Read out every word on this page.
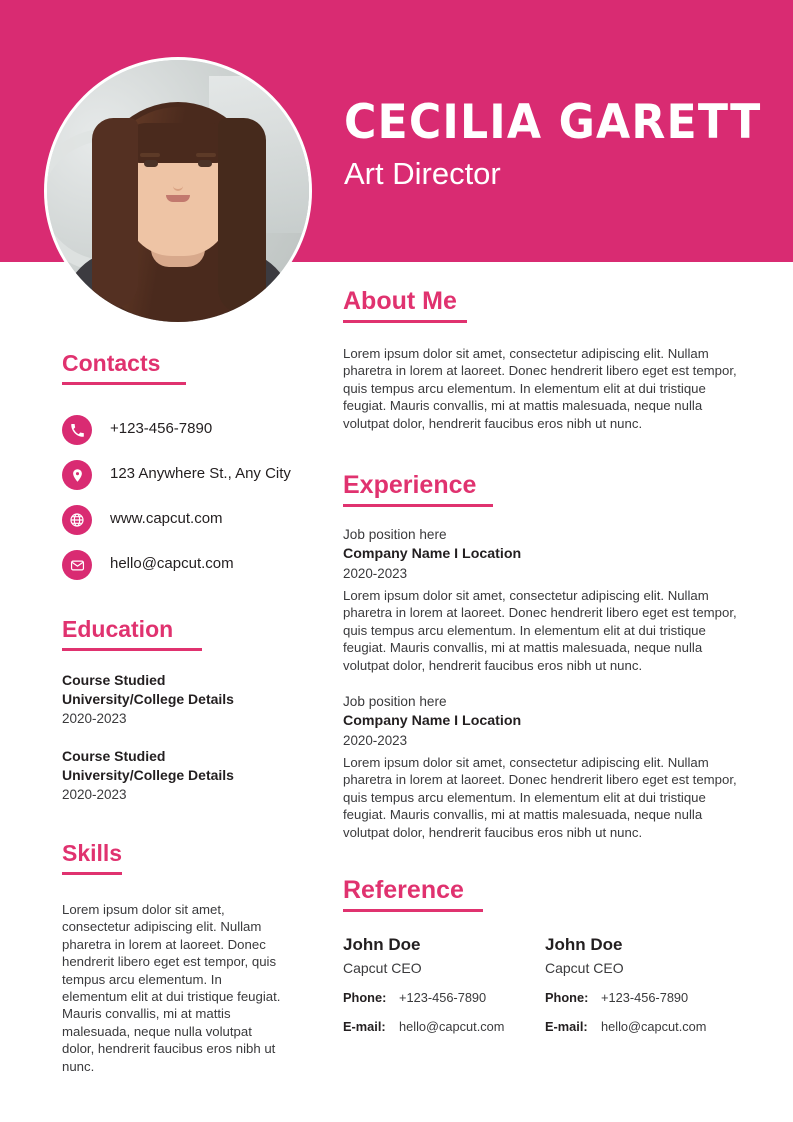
CECILIA GARETT
Art Director
Contacts
+123-456-7890
123 Anywhere St., Any City
www.capcut.com
hello@capcut.com
Education
Course Studied
University/College Details
2020-2023
Course Studied
University/College Details
2020-2023
Skills

Lorem ipsum dolor sit amet, consectetur adipiscing elit. Nullam pharetra in lorem at laoreet. Donec hendrerit libero eget est tempor, quis tempus arcu elementum. In elementum elit at dui tristique feugiat. Mauris convallis, mi at mattis malesuada, neque nulla volutpat dolor, hendrerit faucibus eros nibh ut nunc.

About Me

Lorem ipsum dolor sit amet, consectetur adipiscing elit. Nullam pharetra in lorem at laoreet. Donec hendrerit libero eget est tempor, quis tempus arcu elementum. In elementum elit at dui tristique feugiat. Mauris convallis, mi at mattis malesuada, neque nulla volutpat dolor, hendrerit faucibus eros nibh ut nunc.

Experience
Job position here
Company Name I Location
2020-2023

Lorem ipsum dolor sit amet, consectetur adipiscing elit. Nullam pharetra in lorem at laoreet. Donec hendrerit libero eget est tempor, quis tempus arcu elementum. In elementum elit at dui tristique feugiat. Mauris convallis, mi at mattis malesuada, neque nulla volutpat dolor, hendrerit faucibus eros nibh ut nunc.

Job position here
Company Name I Location
2020-2023

Lorem ipsum dolor sit amet, consectetur adipiscing elit. Nullam pharetra in lorem at laoreet. Donec hendrerit libero eget est tempor, quis tempus arcu elementum. In elementum elit at dui tristique feugiat. Mauris convallis, mi at mattis malesuada, neque nulla volutpat dolor, hendrerit faucibus eros nibh ut nunc.

Reference
John Doe
Capcut CEO
Phone: +123-456-7890
E-mail:	hello@capcut.com
John Doe
Capcut CEO
Phone: +123-456-7890
E-mail:	hello@capcut.com
